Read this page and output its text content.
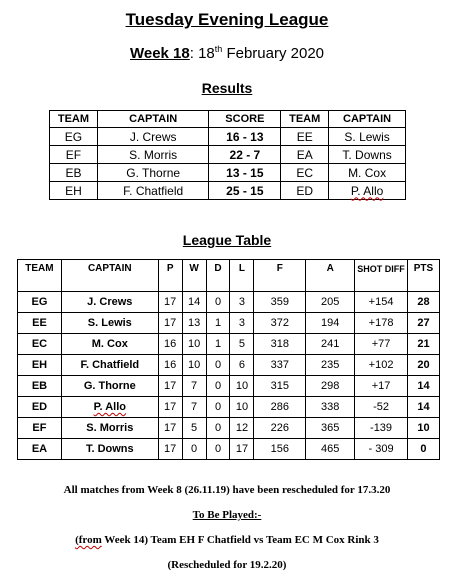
Tuesday Evening League
Week 18: 18th February 2020
Results
TEAM	CAPTAIN	SCORE	TEAM	CAPTAIN
EG	J. Crews	16 - 13	EE	S. Lewis
EF	S. Morris	22 - 7	EA	T. Downs
EB	G. Thorne	13 - 15	EC	M. Cox
EH	F. Chatfield	25 - 15	ED	P. Allo
League Table
TEAM	CAPTAIN	P	W	D	L	F	A	SHOT DIFF	PTS
EG	J. Crews	17	14	0	3	359	205	+154	28
EE	S. Lewis	17	13	1	3	372	194	+178	27
EC	M. Cox	16	10	1	5	318	241	+77	21
EH	F. Chatfield	16	10	0	6	337	235	+102	20
EB	G. Thorne	17	7	0	10	315	298	+17	14
ED	P. Allo	17	7	0	10	286	338	-52	14
EF	S. Morris	17	5	0	12	226	365	-139	10
EA	T. Downs	17	0	0	17	156	465	- 309	0
All matches from Week 8 (26.11.19) have been rescheduled for 17.3.20
To Be Played:-
(from Week 14) Team EH F Chatfield vs Team EC M Cox Rink 3
(Rescheduled for 19.2.20)
